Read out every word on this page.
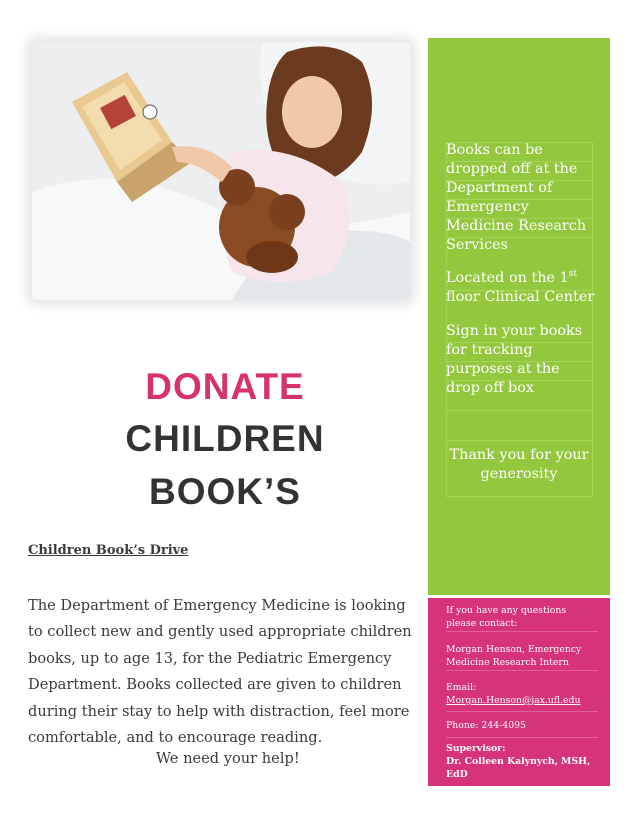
DONATE
CHILDREN
BOOK’S
Children Book’s Drive
The Department of Emergency Medicine is looking to collect new and gently used appropriate children books, up to age 13, for the Pediatric Emergency Department. Books collected are given to children during their stay to help with distraction, feel more comfortable, and to encourage reading.
We need your help!
Books can be dropped off at the Department of Emergency Medicine Research Services
Located on the 1st floor Clinical Center
Sign in your books for tracking purposes at the drop off box
Thank you for your generosity
If you have any questions please contact:
Morgan Henson, Emergency Medicine Research Intern
Email:
Morgan.Henson@jax.ufl.edu
Phone: 244-4095
Supervisor:
Dr. Colleen Kalynych, MSH, EdD
